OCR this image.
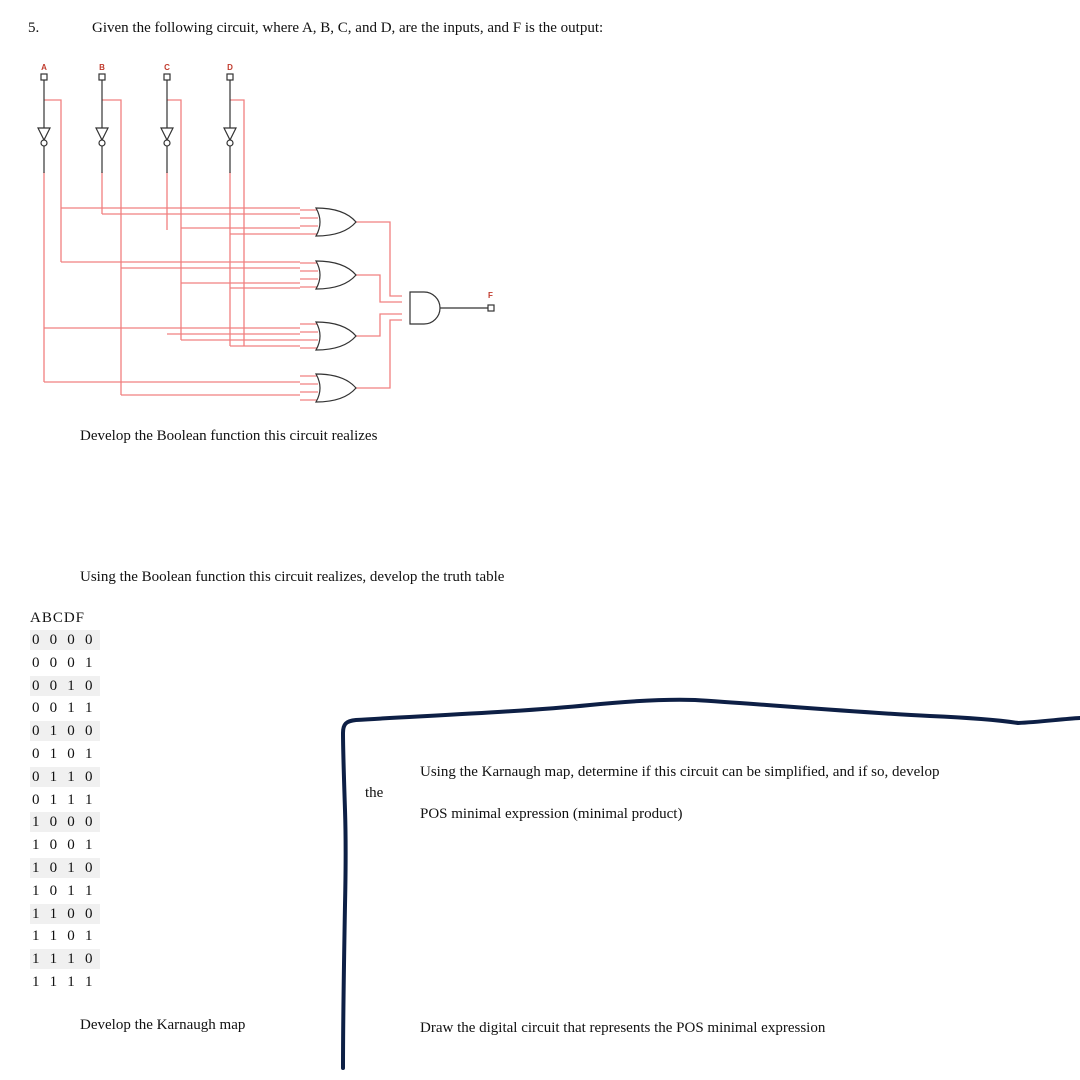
5.	Given the following circuit, where A, B, C, and D, are the inputs, and F is the output:
A	B	C	D
F
Develop the Boolean function this circuit realizes
Using the Boolean function this circuit realizes, develop the truth table
ABCDF
0 0 0 0
0 0 0 1
0 0 1 0
0 0 1 1
0 1 0 0
0 1 0 1
0 1 1 0
0 1 1 1
1 0 0 0
1 0 0 1
1 0 1 0
1 0 1 1
1 1 0 0
1 1 0 1
1 1 1 0
1 1 1 1
Develop the Karnaugh map
Using the Karnaugh map, determine if this circuit can be simplified, and if so, develop
the
POS minimal expression (minimal product)
Draw the digital circuit that represents the POS minimal expression
